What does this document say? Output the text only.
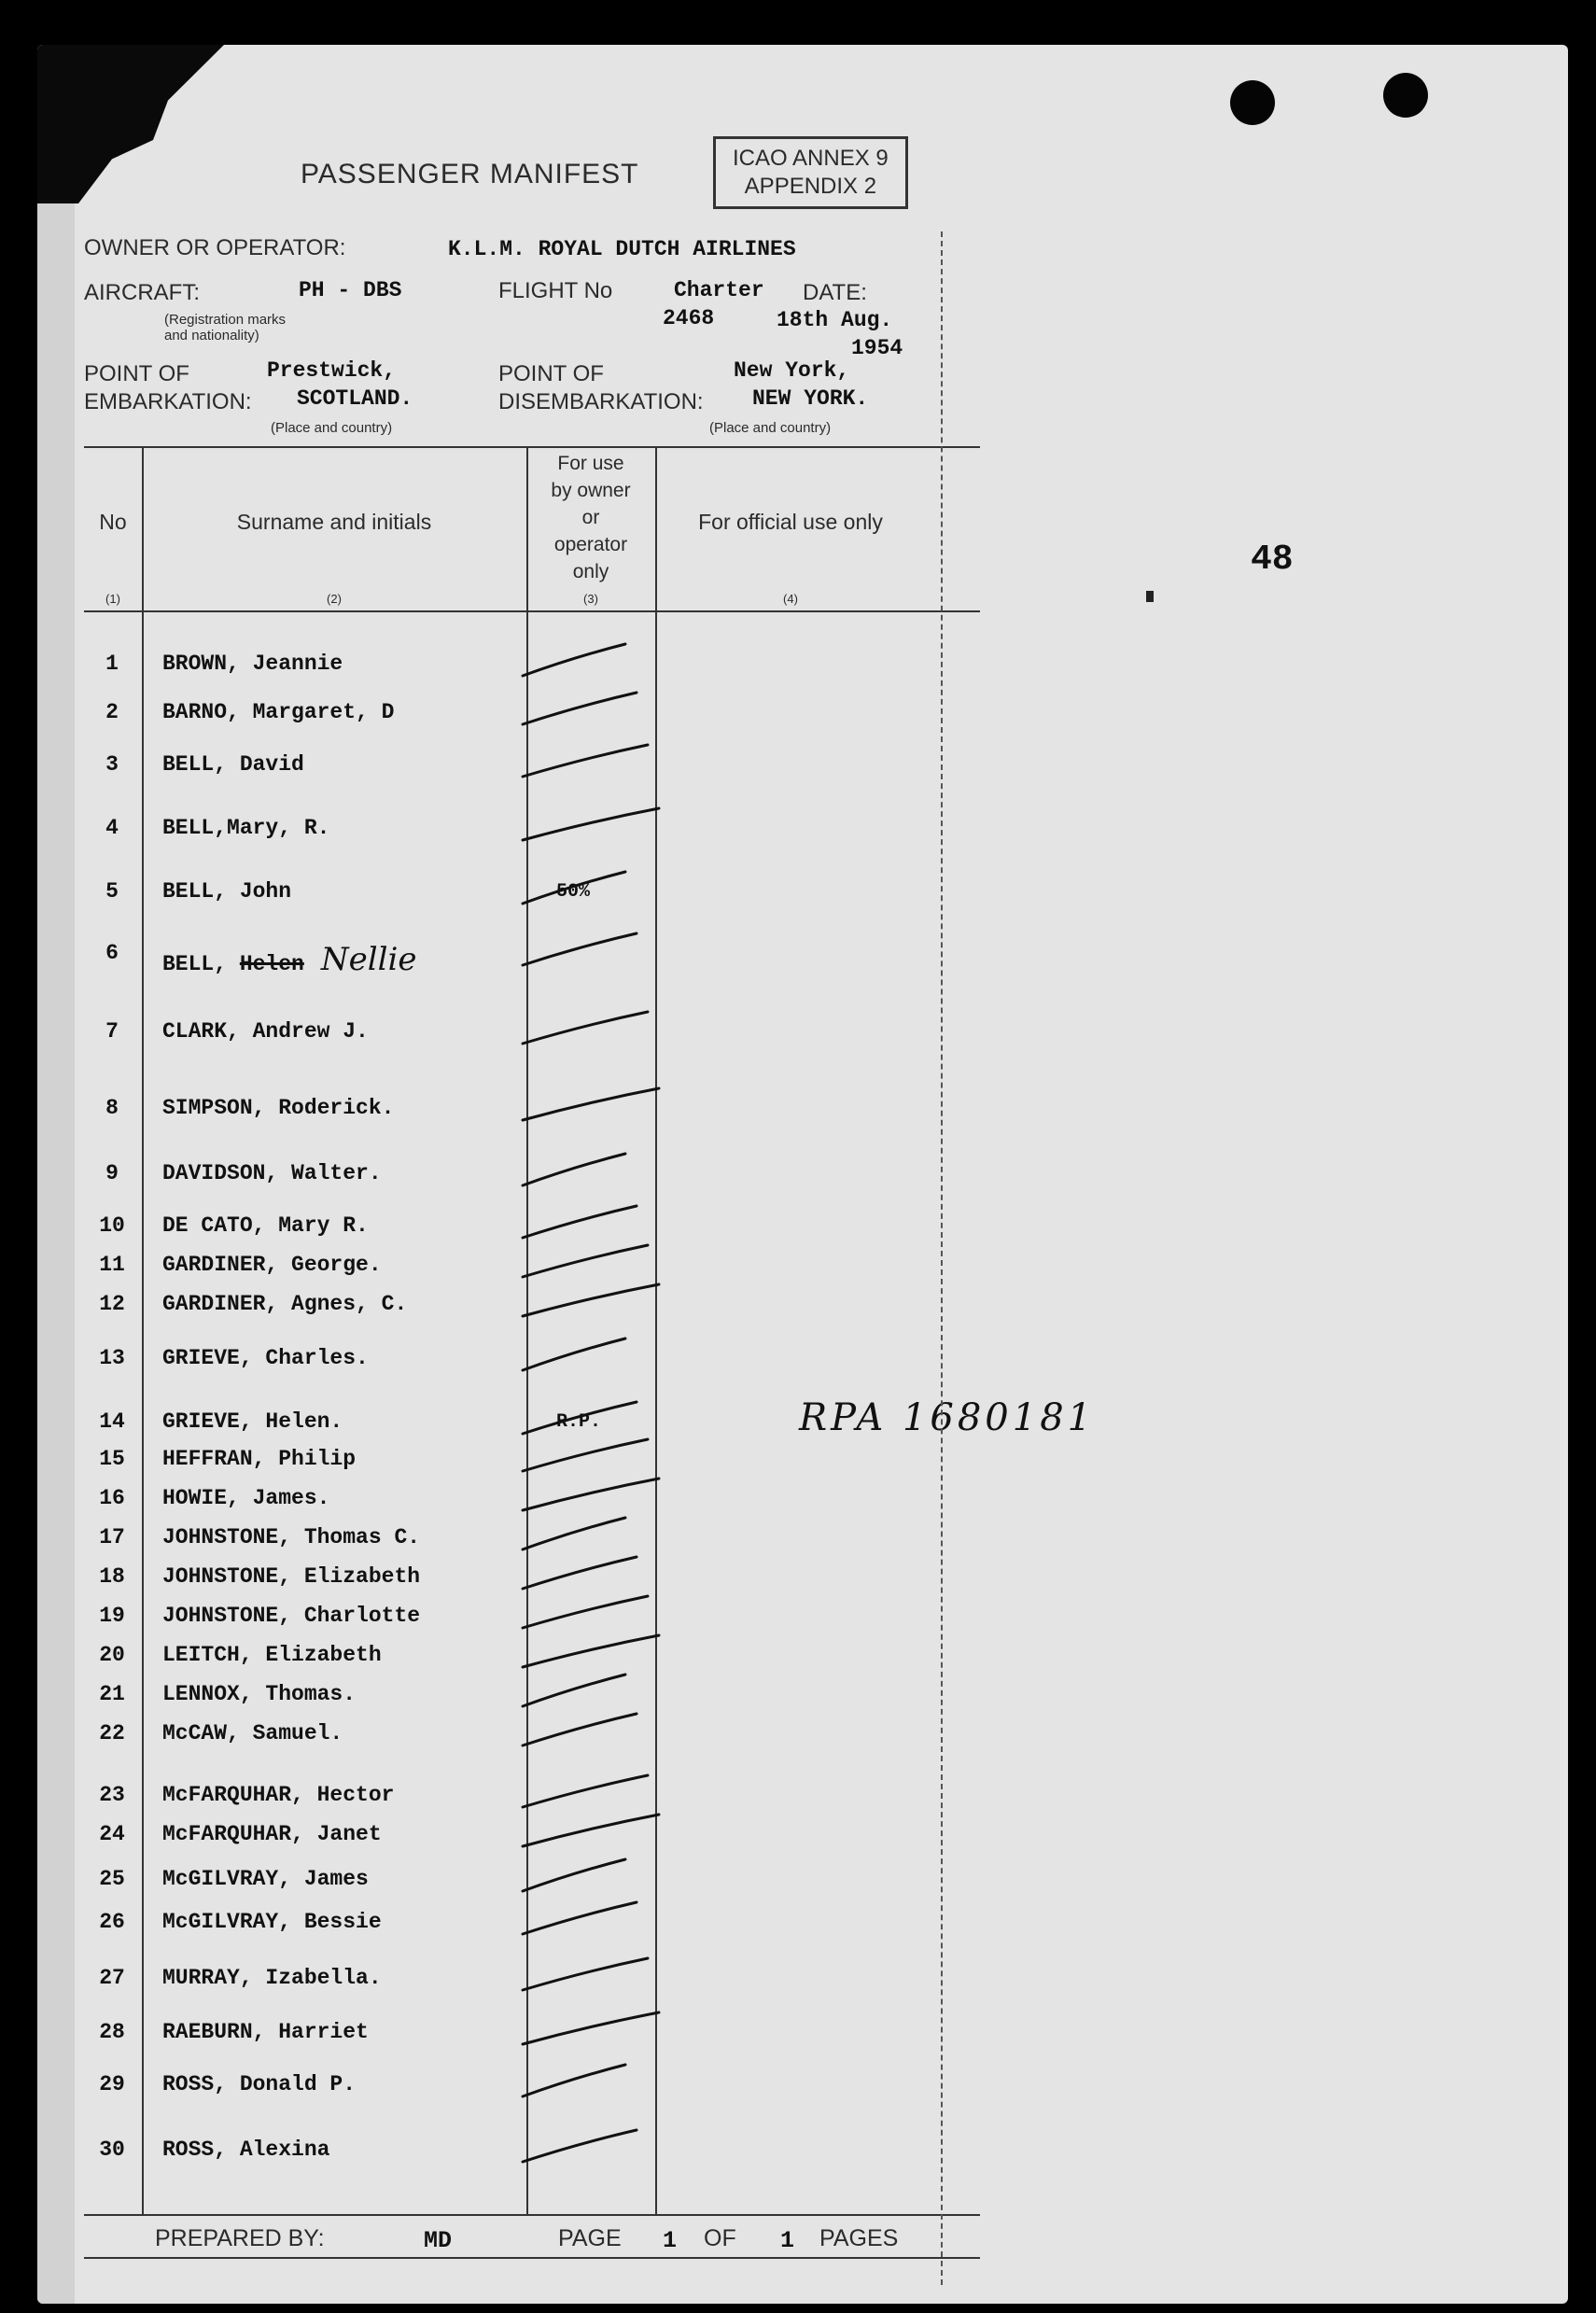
48
PASSENGER MANIFEST
ICAO ANNEX 9
APPENDIX 2
OWNER OR OPERATOR:	K.L.M. ROYAL DUTCH AIRLINES
AIRCRAFT:	PH - DBS
(Registration marks
and nationality)
FLIGHT No	Charter
2468
DATE:
18th Aug.
1954
POINT OF
EMBARKATION:
Prestwick,
SCOTLAND.
(Place and country)
POINT OF
DISEMBARKATION:
New York,
NEW YORK.
(Place and country)
No	Surname and initials
For use
by owner
or
operator
only
For official use only
(1)	(2)	(3)	(4)
1	BROWN, Jeannie
2	BARNO, Margaret, D
3	BELL, David
4	BELL,Mary, R.
5	BELL, John	50%
6	BELL, Helen Nellie
7	CLARK, Andrew J.
8	SIMPSON, Roderick.
9	DAVIDSON, Walter.
10	DE CATO, Mary R.
11	GARDINER, George.
12	GARDINER, Agnes, C.
13	GRIEVE, Charles.
14	GRIEVE, Helen.	R.P.	RPA 1680181
15	HEFFRAN, Philip
16	HOWIE, James.
17	JOHNSTONE, Thomas C.
18	JOHNSTONE, Elizabeth
19	JOHNSTONE, Charlotte
20	LEITCH, Elizabeth
21	LENNOX, Thomas.
22	McCAW, Samuel.
23	McFARQUHAR, Hector
24	McFARQUHAR, Janet
25	McGILVRAY, James
26	McGILVRAY, Bessie
27	MURRAY, Izabella.
28	RAEBURN, Harriet
29	ROSS, Donald P.
30	ROSS, Alexina
PREPARED BY:	MD	PAGE 1 OF 1 PAGES
